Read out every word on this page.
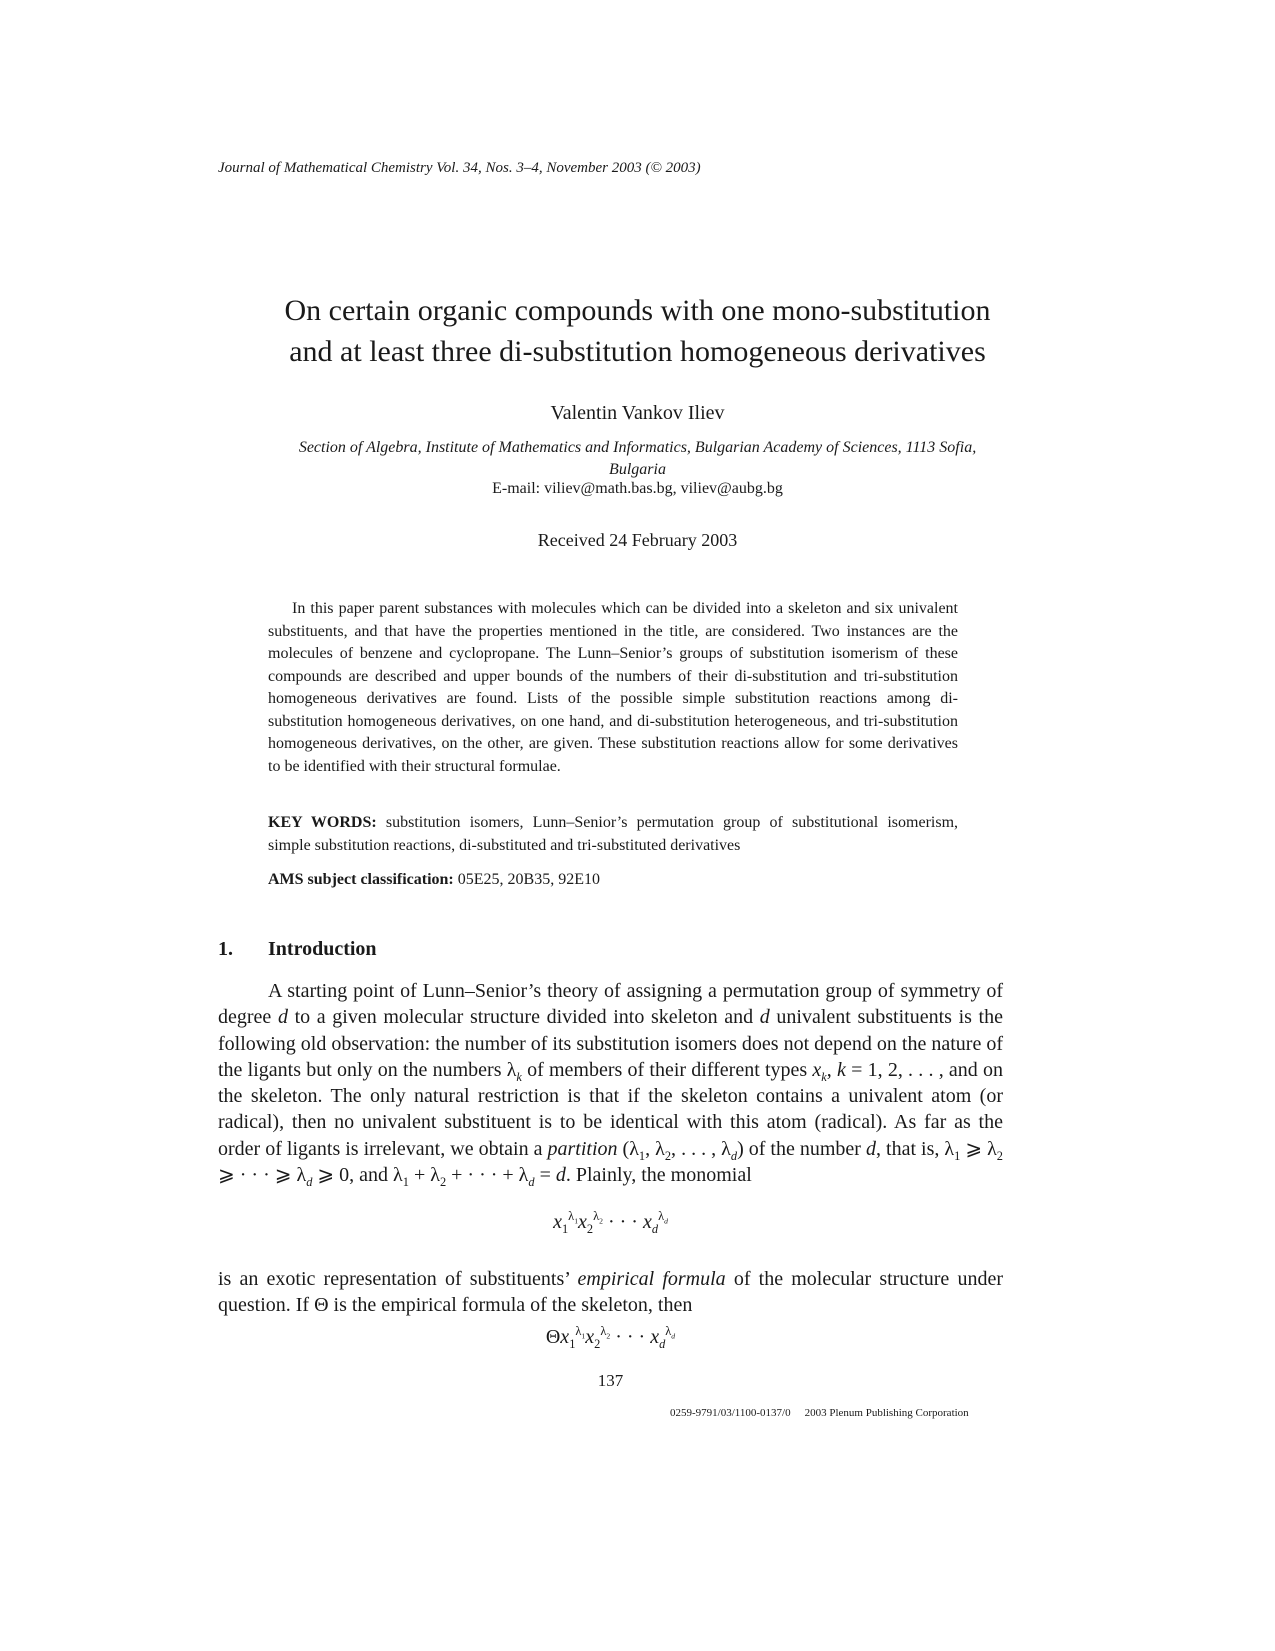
Journal of Mathematical Chemistry Vol. 34, Nos. 3–4, November 2003 (© 2003)
On certain organic compounds with one mono-substitution
and at least three di-substitution homogeneous derivatives
Valentin Vankov Iliev
Section of Algebra, Institute of Mathematics and Informatics, Bulgarian Academy of Sciences, 1113 Sofia,
Bulgaria
E-mail: viliev@math.bas.bg, viliev@aubg.bg
Received 24 February 2003

In this paper parent substances with molecules which can be divided into a skeleton and six univalent substituents, and that have the properties mentioned in the title, are considered. Two instances are the molecules of benzene and cyclopropane. The Lunn–Senior’s groups of substitution isomerism of these compounds are described and upper bounds of the numbers of their di-substitution and tri-substitution homogeneous derivatives are found. Lists of the possible simple substitution reactions among di-substitution homogeneous derivatives, on one hand, and di-substitution heterogeneous, and tri-substitution homogeneous derivatives, on the other, are given. These substitution reactions allow for some derivatives to be identified with their structural formulae.

KEY WORDS: substitution isomers, Lunn–Senior’s permutation group of substitutional isomerism, simple substitution reactions, di-substituted and tri-substituted derivatives

AMS subject classification: 05E25, 20B35, 92E10

1. Introduction

A starting point of Lunn–Senior’s theory of assigning a permutation group of symmetry of degree d to a given molecular structure divided into skeleton and d univalent substituents is the following old observation: the number of its substitution isomers does not depend on the nature of the ligants but only on the numbers $\lambda_k$ of members of their different types $x_k$, k = 1, 2, . . . , and on the skeleton. The only natural restriction is that if the skeleton contains a univalent atom (or radical), then no univalent substituent is to be identical with this atom (radical). As far as the order of ligants is irrelevant, we obtain a partition ($\lambda_1$, $\lambda_2$, . . . , $\lambda_d$) of the number d, that is, $\lambda_1$ ⩾ $\lambda_2$ ⩾ · · · ⩾ $\lambda_d$ ⩾ 0, and $\lambda_1 + \lambda_2$ + · · · + $\lambda_d = d$. Plainly, the monomial

$x_1^{\lambda_1}x_2^{\lambda_2}$ · · · $x_d^{\lambda_d}$

is an exotic representation of substituents’ empirical formula of the molecular structure under question. If Θ is the empirical formula of the skeleton, then

$\Theta x_1^{\lambda_1}x_2^{\lambda_2}$ · · · $x_d^{\lambda_d}$
137
0259-9791/03/1100-0137/0 2003 Plenum Publishing Corporation
